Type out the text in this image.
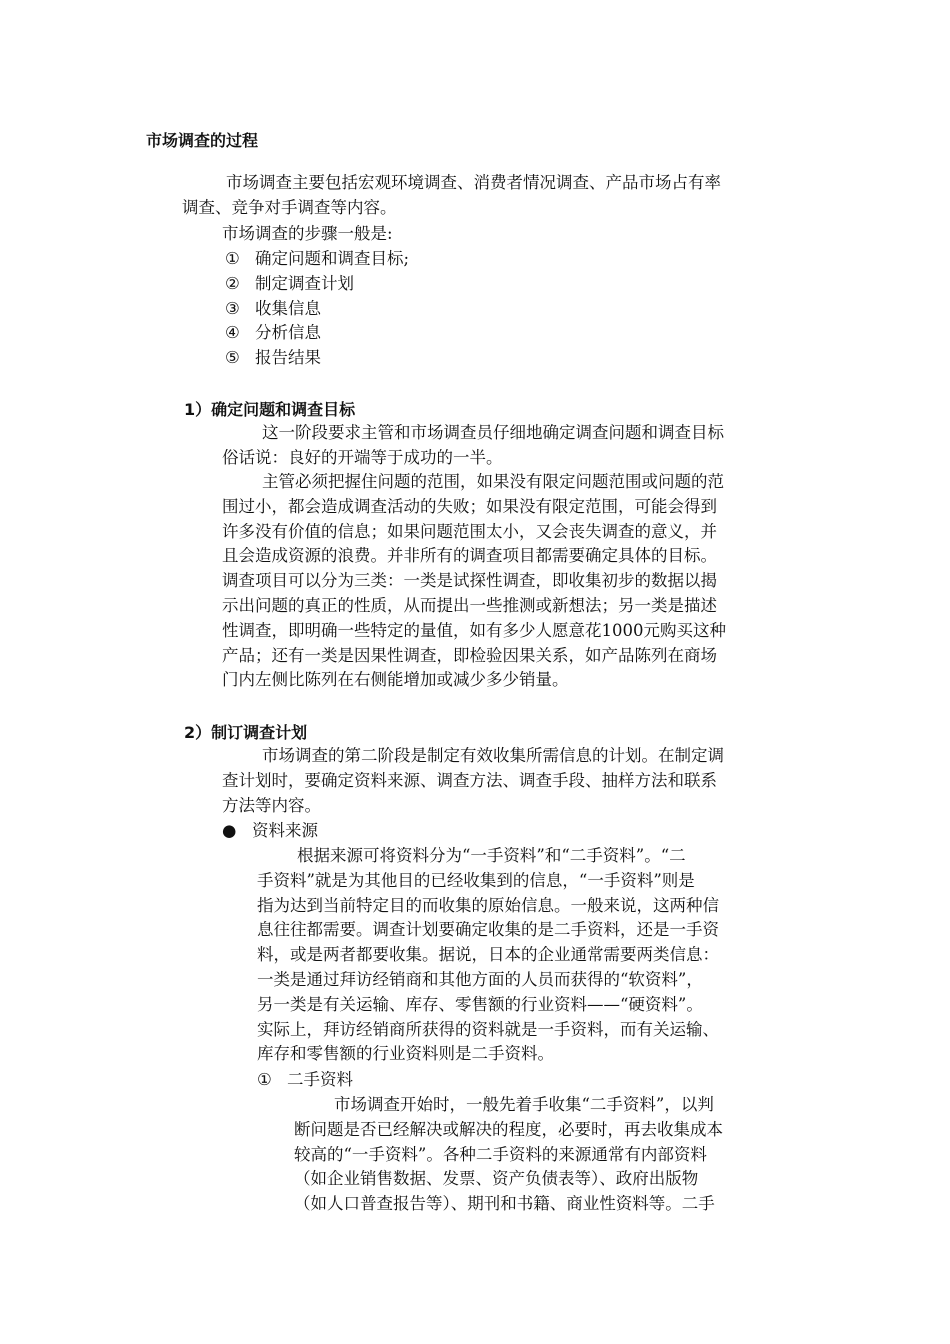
市场调查的过程
市场调查主要包括宏观环境调查、消费者情况调查、产品市场占有率
调查、竞争对手调查等内容。
市场调查的步骤一般是:
① 确定问题和调查目标;
② 制定调查计划
③ 收集信息
④ 分析信息
⑤ 报告结果
1）确定问题和调查目标
这一阶段要求主管和市场调查员仔细地确定调查问题和调查目标
俗话说：良好的开端等于成功的一半。
主管必须把握住问题的范围，如果没有限定问题范围或问题的范
围过小，都会造成调查活动的失败；如果没有限定范围，可能会得到
许多没有价值的信息；如果问题范围太小，又会丧失调查的意义，并
且会造成资源的浪费。并非所有的调查项目都需要确定具体的目标。
调查项目可以分为三类：一类是试探性调查，即收集初步的数据以揭
示出问题的真正的性质，从而提出一些推测或新想法；另一类是描述
性调查，即明确一些特定的量值，如有多少人愿意花1000元购买这种
产品；还有一类是因果性调查，即检验因果关系，如产品陈列在商场
门内左侧比陈列在右侧能增加或减少多少销量。
2）制订调查计划
市场调查的第二阶段是制定有效收集所需信息的计划。在制定调
查计划时，要确定资料来源、调查方法、调查手段、抽样方法和联系
方法等内容。
● 资料来源
根据来源可将资料分为“一手资料”和“二手资料”。“二
手资料”就是为其他目的已经收集到的信息，“一手资料”则是
指为达到当前特定目的而收集的原始信息。一般来说，这两种信
息往往都需要。调查计划要确定收集的是二手资料，还是一手资
料，或是两者都要收集。据说，日本的企业通常需要两类信息：
一类是通过拜访经销商和其他方面的人员而获得的“软资料”，
另一类是有关运输、库存、零售额的行业资料——“硬资料”。
实际上，拜访经销商所获得的资料就是一手资料，而有关运输、
库存和零售额的行业资料则是二手资料。
① 二手资料
市场调查开始时，一般先着手收集“二手资料”，以判
断问题是否已经解决或解决的程度，必要时，再去收集成本
较高的“一手资料”。各种二手资料的来源通常有内部资料
（如企业销售数据、发票、资产负债表等）、政府出版物
（如人口普查报告等）、期刊和书籍、商业性资料等。二手
